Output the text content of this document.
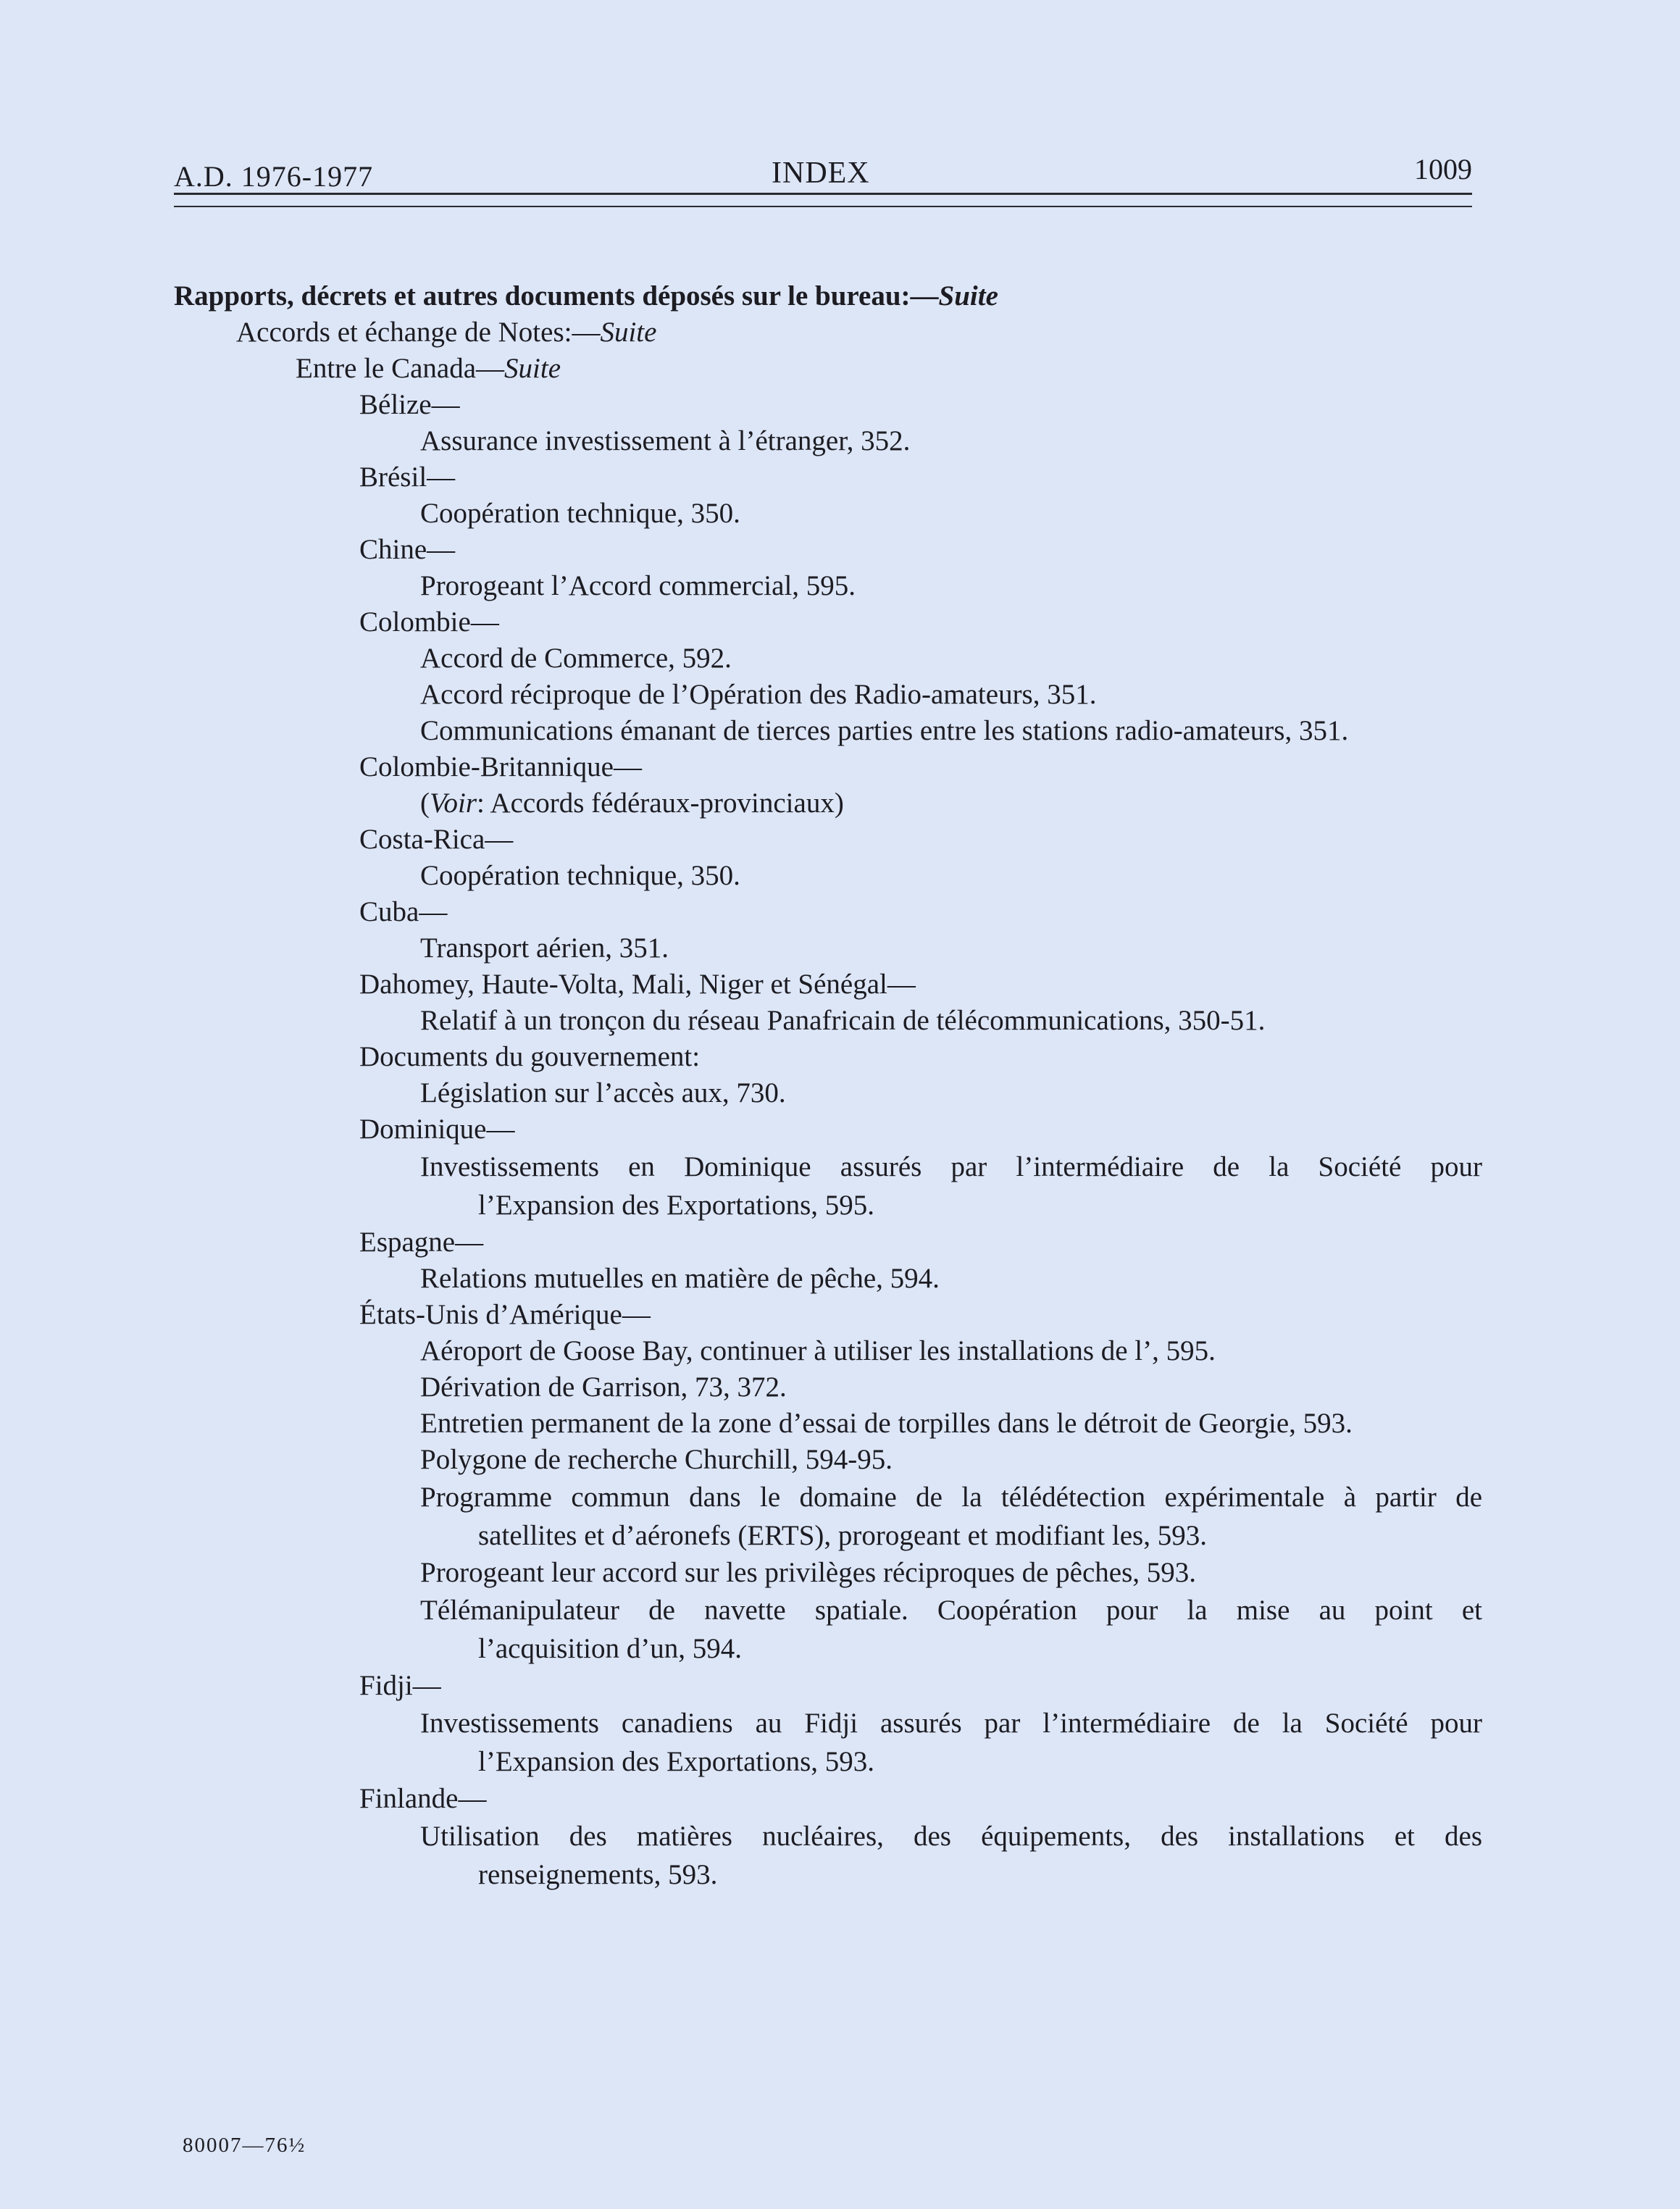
A.D. 1976-1977	INDEX	1009
Rapports, décrets et autres documents déposés sur le bureau:—Suite
Accords et échange de Notes:—Suite
Entre le Canada—Suite
Bélize—
Assurance investissement à l’étranger, 352.
Brésil—
Coopération technique, 350.
Chine—
Prorogeant l’Accord commercial, 595.
Colombie—
Accord de Commerce, 592.
Accord réciproque de l’Opération des Radio-amateurs, 351.
Communications émanant de tierces parties entre les stations radio-amateurs, 351.
Colombie-Britannique—
(Voir: Accords fédéraux-provinciaux)
Costa-Rica—
Coopération technique, 350.
Cuba—
Transport aérien, 351.
Dahomey, Haute-Volta, Mali, Niger et Sénégal—
Relatif à un tronçon du réseau Panafricain de télécommunications, 350-51.
Documents du gouvernement:
Législation sur l’accès aux, 730.
Dominique—
Investissements en Dominique assurés par l’intermédiaire de la Société pour
l’Expansion des Exportations, 595.
Espagne—
Relations mutuelles en matière de pêche, 594.
États-Unis d’Amérique—
Aéroport de Goose Bay, continuer à utiliser les installations de l’, 595.
Dérivation de Garrison, 73, 372.
Entretien permanent de la zone d’essai de torpilles dans le détroit de Georgie, 593.
Polygone de recherche Churchill, 594-95.
Programme commun dans le domaine de la télédétection expérimentale à partir de
satellites et d’aéronefs (ERTS), prorogeant et modifiant les, 593.
Prorogeant leur accord sur les privilèges réciproques de pêches, 593.
Télémanipulateur de navette spatiale. Coopération pour la mise au point et
l’acquisition d’un, 594.
Fidji—
Investissements canadiens au Fidji assurés par l’intermédiaire de la Société pour
l’Expansion des Exportations, 593.
Finlande—
Utilisation des matières nucléaires, des équipements, des installations et des
renseignements, 593.
80007—76½
